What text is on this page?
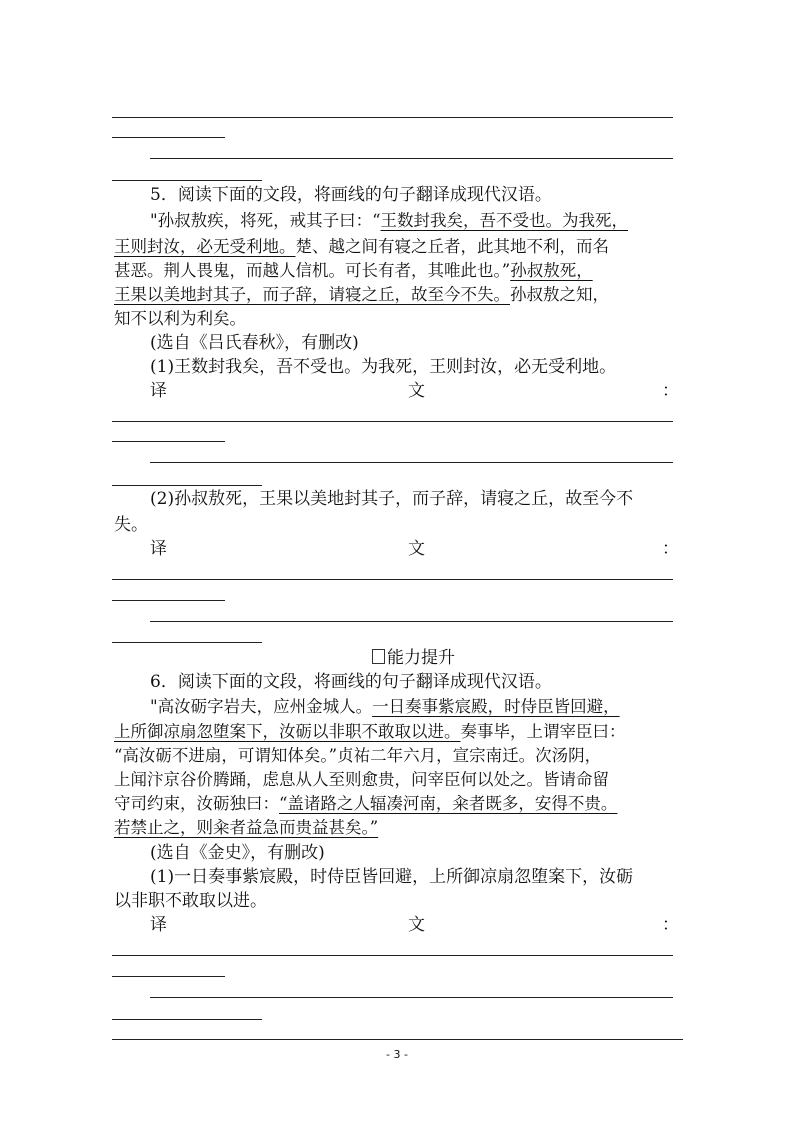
5．阅读下面的文段，将画线的句子翻译成现代汉语。
"孙叔敖疾，将死，戒其子曰：“王数封我矣，吾不受也。为我死，
王则封汝，必无受利地。楚、越之间有寝之丘者，此其地不利，而名
甚恶。荆人畏鬼，而越人信机。可长有者，其唯此也。”孙叔敖死，
王果以美地封其子，而子辞，请寝之丘，故至今不失。孙叔敖之知，
知不以利为利矣。
(选自《吕氏春秋》，有删改)
(1)王数封我矣，吾不受也。为我死，王则封汝，必无受利地。
译	文	：
(2)孙叔敖死，王果以美地封其子，而子辞，请寝之丘，故至今不
失。
译	文	：
能力提升
6．阅读下面的文段，将画线的句子翻译成现代汉语。
"高汝砺字岩夫，应州金城人。一日奏事紫宸殿，时侍臣皆回避，
上所御凉扇忽堕案下，汝砺以非职不敢取以进。奏事毕，上谓宰臣曰：
“高汝砺不进扇，可谓知体矣。”贞祐二年六月，宣宗南迁。次汤阴，
上闻汴京谷价腾踊，虑息从人至则愈贵，问宰臣何以处之。皆请命留
守司约束，汝砺独曰：“盖诸路之人辐凑河南，籴者既多，安得不贵。
若禁止之，则籴者益急而贵益甚矣。”
(选自《金史》，有删改)
(1)一日奏事紫宸殿，时侍臣皆回避，上所御凉扇忽堕案下，汝砺
以非职不敢取以进。
译	文	：
- 3 -
